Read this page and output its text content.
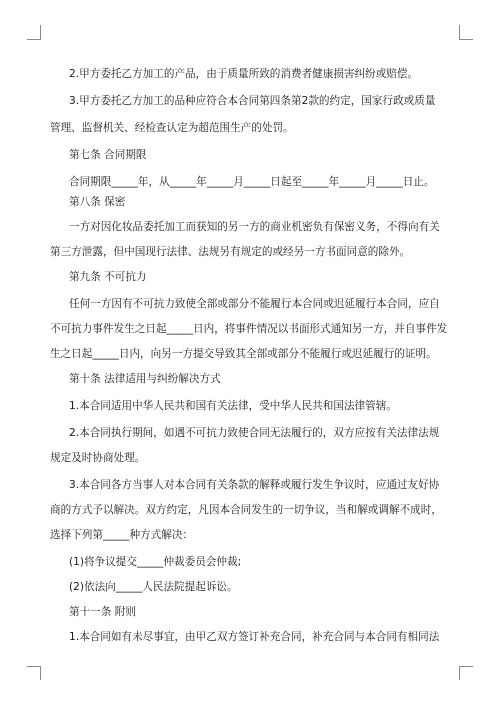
2.甲方委托乙方加工的产品，由于质量所致的消费者健康损害纠纷或赔偿。
3.甲方委托乙方加工的品种应符合本合同第四条第2款的约定，国家行政或质量
管理、监督机关、经检查认定为超范围生产的处罚。
第七条 合同期限
合同期限_____年，从_____年_____月_____日起至_____年_____月_____日止。
第八条 保密
一方对因化妆品委托加工而获知的另一方的商业机密负有保密义务，不得向有关
第三方泄露，但中国现行法律、法规另有规定的或经另一方书面同意的除外。
第九条 不可抗力
任何一方因有不可抗力致使全部或部分不能履行本合同或迟延履行本合同，应自
不可抗力事件发生之日起_____日内，将事件情况以书面形式通知另一方，并自事件发
生之日起_____日内，向另一方提交导致其全部或部分不能履行或迟延履行的证明。
第十条 法律适用与纠纷解决方式
1.本合同适用中华人民共和国有关法律，受中华人民共和国法律管辖。
2.本合同执行期间，如遇不可抗力致使合同无法履行的，双方应按有关法律法规
规定及时协商处理。
3.本合同各方当事人对本合同有关条款的解释或履行发生争议时，应通过友好协
商的方式予以解决。双方约定，凡因本合同发生的一切争议，当和解或调解不成时，
选择下列第_____种方式解决：
(1)将争议提交_____仲裁委员会仲裁;
(2)依法向_____人民法院提起诉讼。
第十一条 附则
1.本合同如有未尽事宜，由甲乙双方签订补充合同，补充合同与本合同有相同法
